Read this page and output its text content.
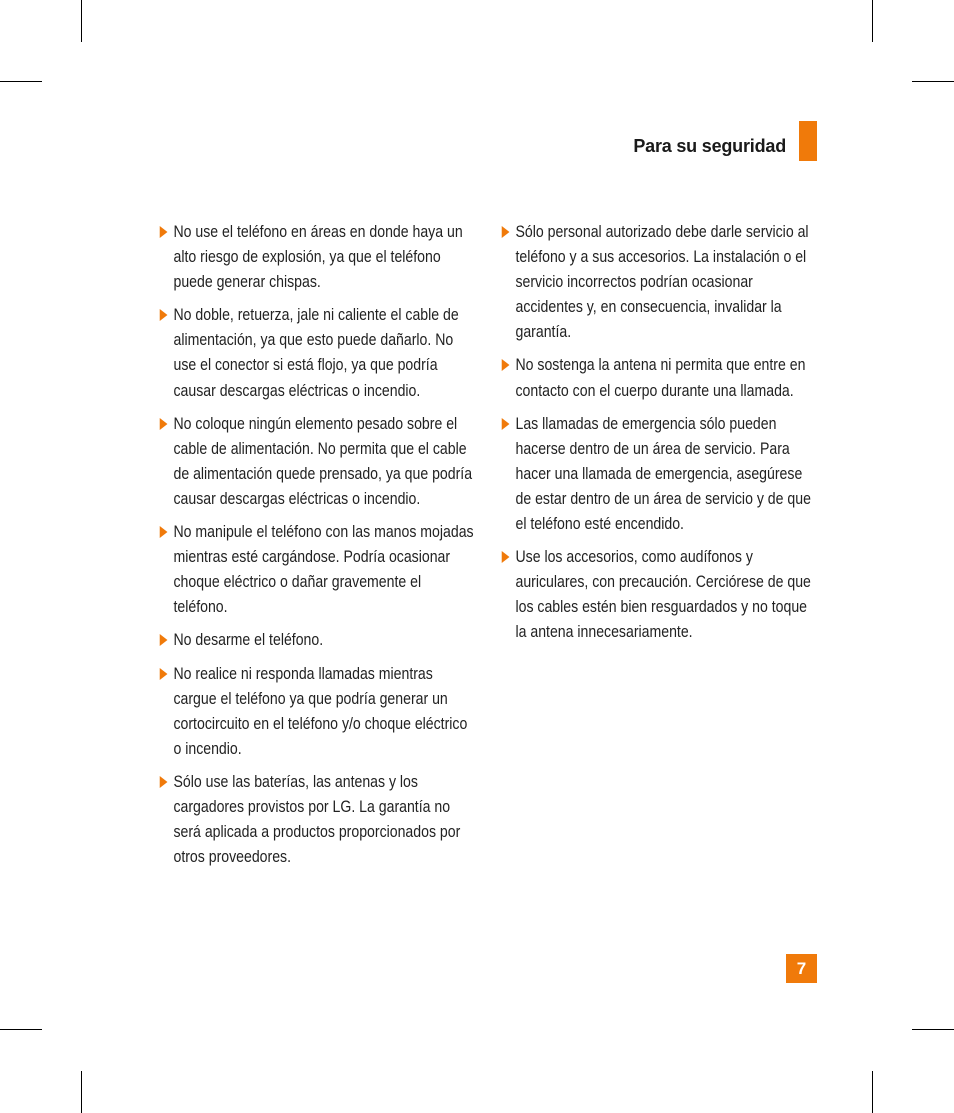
Para su seguridad
No use el teléfono en áreas en donde haya un alto riesgo de explosión, ya que el teléfono puede generar chispas.
No doble, retuerza, jale ni caliente el cable de alimentación, ya que esto puede dañarlo. No use el conector si está flojo, ya que podría causar descargas eléctricas o incendio.
No coloque ningún elemento pesado sobre el cable de alimentación. No permita que el cable de alimentación quede prensado, ya que podría causar descargas eléctricas o incendio.
No manipule el teléfono con las manos mojadas mientras esté cargándose. Podría ocasionar choque eléctrico o dañar gravemente el teléfono.
No desarme el teléfono.
No realice ni responda llamadas mientras cargue el teléfono ya que podría generar un cortocircuito en el teléfono y/o choque eléctrico o incendio.
Sólo use las baterías, las antenas y los cargadores provistos por LG. La garantía no será aplicada a productos proporcionados por otros proveedores.
Sólo personal autorizado debe darle servicio al teléfono y a sus accesorios. La instalación o el servicio incorrectos podrían ocasionar accidentes y, en consecuencia, invalidar la garantía.
No sostenga la antena ni permita que entre en contacto con el cuerpo durante una llamada.
Las llamadas de emergencia sólo pueden hacerse dentro de un área de servicio. Para hacer una llamada de emergencia, asegúrese de estar dentro de un área de servicio y de que el teléfono esté encendido.
Use los accesorios, como audífonos y auriculares, con precaución. Cerciórese de que los cables estén bien resguardados y no toque la antena innecesariamente.
7
